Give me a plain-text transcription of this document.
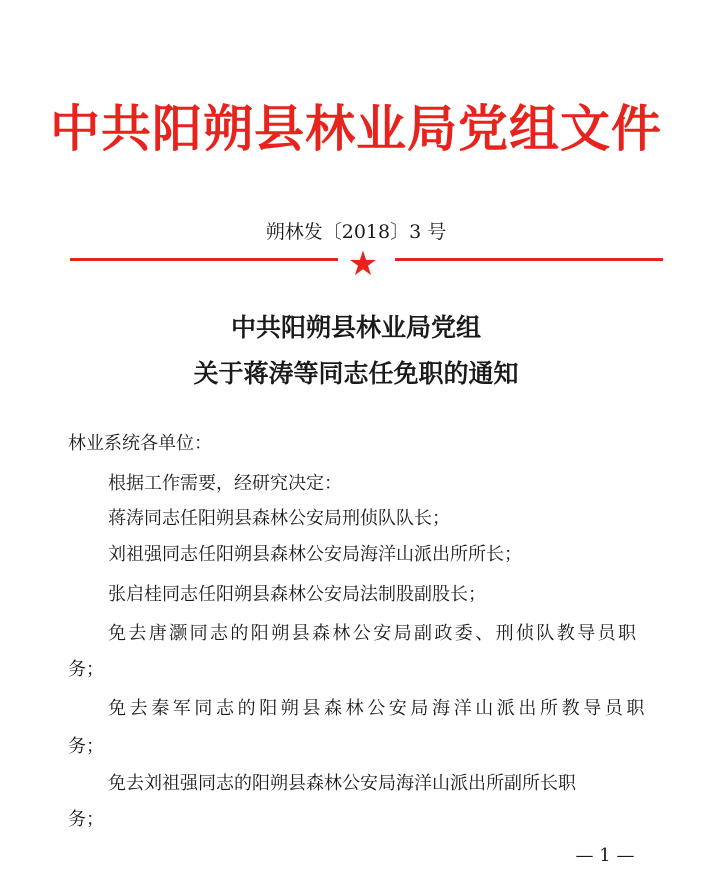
中共阳朔县林业局党组文件
朔林发〔2018〕3 号
★
中共阳朔县林业局党组
关于蒋涛等同志任免职的通知
林业系统各单位：
根据工作需要，经研究决定：
蒋涛同志任阳朔县森林公安局刑侦队队长；
刘祖强同志任阳朔县森林公安局海洋山派出所所长；
张启桂同志任阳朔县森林公安局法制股副股长；
免去唐灏同志的阳朔县森林公安局副政委、刑侦队教导员职
务；
免去秦军同志的阳朔县森林公安局海洋山派出所教导员职
务；
免去刘祖强同志的阳朔县森林公安局海洋山派出所副所长职
务；
— 1 —
